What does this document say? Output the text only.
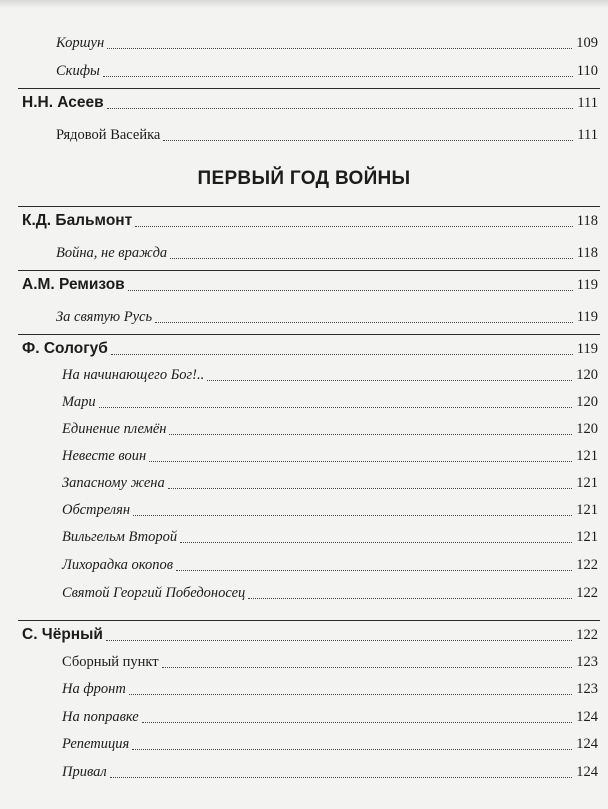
Коршун	109
Скифы	110
Н.Н. Асеев	111
Рядовой Васейка	111
ПЕРВЫЙ ГОД ВОЙНЫ
К.Д. Бальмонт	118
Война, не вражда	118
А.М. Ремизов	119
За святую Русь	119
Ф. Сологуб	119
На начинающего Бог!..	120
Мари	120
Единение племён	120
Невесте воин	121
Запасному жена	121
Обстрелян	121
Вильгельм Второй	121
Лихорадка окопов	122
Святой Георгий Победоносец	122
С. Чёрный	122
Сборный пункт	123
На фронт	123
На поправке	124
Репетиция	124
Привал	124
